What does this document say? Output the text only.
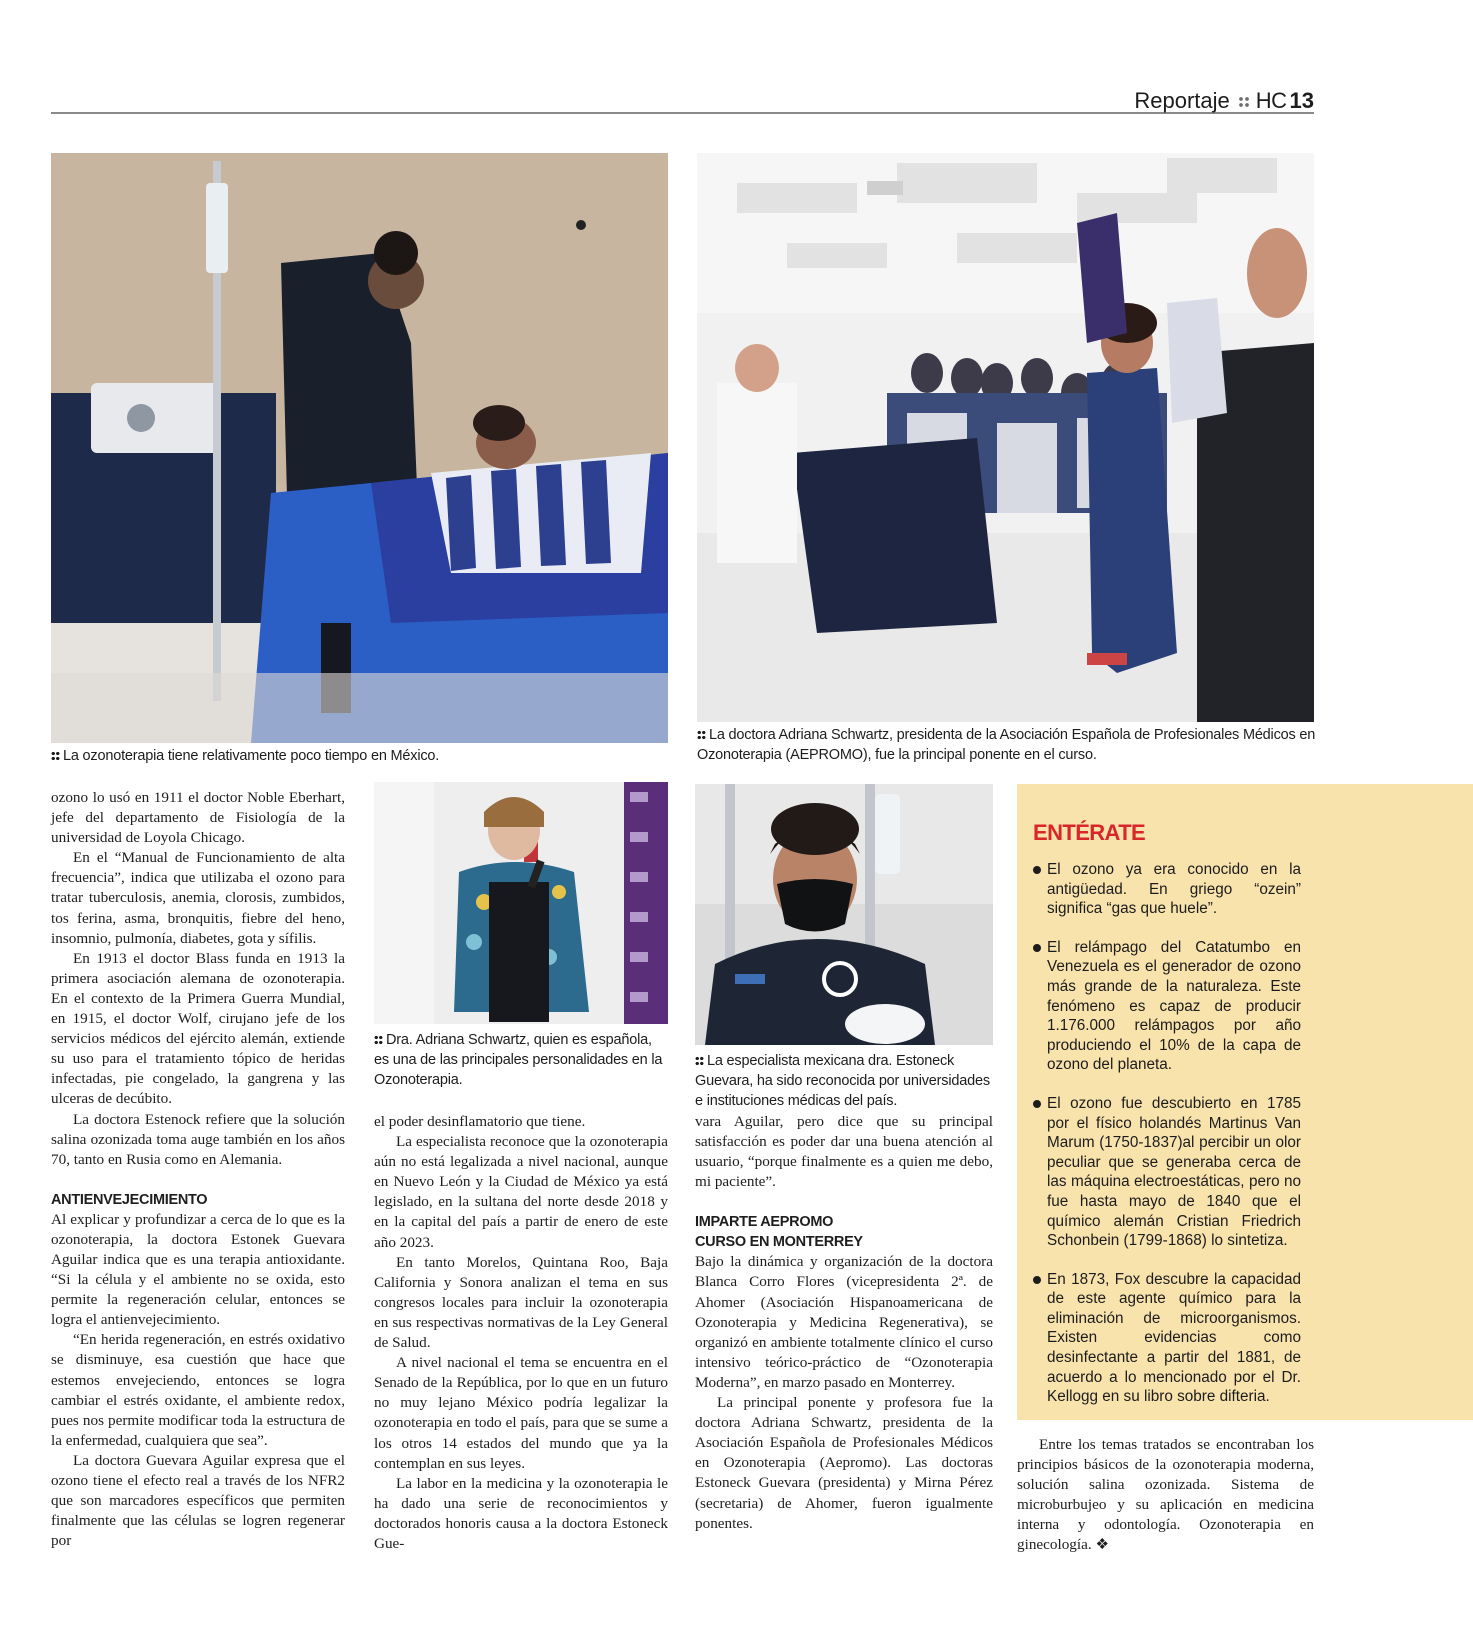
Reportaje HC 13
La ozonoterapia tiene relativamente poco tiempo en México.
La doctora Adriana Schwartz, presidenta de la Asociación Española de Profesionales Médicos en Ozonoterapia (AEPROMO), fue la principal ponente en el curso.
Dra. Adriana Schwartz, quien es española, es una de las principales personalidades en la Ozonoterapia.
La especialista mexicana dra. Estoneck Guevara, ha sido reconocida por universidades e instituciones médicas del país.

ozono lo usó en 1911 el doctor Noble Eberhart, jefe del departamento de Fisiología de la universidad de Loyola Chicago.

En el “Manual de Funcionamiento de alta frecuencia”, indica que utilizaba el ozono para tratar tuberculosis, anemia, clorosis, zumbidos, tos ferina, asma, bronquitis, fiebre del heno, insomnio, pulmonía, diabetes, gota y sífilis.

En 1913 el doctor Blass funda en 1913 la primera asociación alemana de ozonoterapia. En el contexto de la Primera Guerra Mundial, en 1915, el doctor Wolf, cirujano jefe de los servicios médicos del ejército alemán, extiende su uso para el tratamiento tópico de heridas infectadas, pie congelado, la gangrena y las ulceras de decúbito.

La doctora Estenock refiere que la solución salina ozonizada toma auge también en los años 70, tanto en Rusia como en Alemania.

ANTIENVEJECIMIENTO

Al explicar y profundizar a cerca de lo que es la ozonoterapia, la doctora Estonek Guevara Aguilar indica que es una terapia antioxidante. “Si la célula y el ambiente no se oxida, esto permite la regeneración celular, entonces se logra el antienvejecimiento.

“En herida regeneración, en estrés oxidativo se disminuye, esa cuestión que hace que estemos envejeciendo, entonces se logra cambiar el estrés oxidante, el ambiente redox, pues nos permite modificar toda la estructura de la enfermedad, cualquiera que sea”.

La doctora Guevara Aguilar expresa que el ozono tiene el efecto real a través de los NFR2 que son marcadores específicos que permiten finalmente que las células se logren regenerar por

el poder desinflamatorio que tiene.

La especialista reconoce que la ozonoterapia aún no está legalizada a nivel nacional, aunque en Nuevo León y la Ciudad de México ya está legislado, en la sultana del norte desde 2018 y en la capital del país a partir de enero de este año 2023.

En tanto Morelos, Quintana Roo, Baja California y Sonora analizan el tema en sus congresos locales para incluir la ozonoterapia en sus respectivas normativas de la Ley General de Salud.

A nivel nacional el tema se encuentra en el Senado de la República, por lo que en un futuro no muy lejano México podría legalizar la ozonoterapia en todo el país, para que se sume a los otros 14 estados del mundo que ya la contemplan en sus leyes.

La labor en la medicina y la ozonoterapia le ha dado una serie de reconocimientos y doctorados honoris causa a la doctora Estoneck Gue-

vara Aguilar, pero dice que su principal satisfacción es poder dar una buena atención al usuario, “porque finalmente es a quien me debo, mi paciente”.

IMPARTE AEPROMO
CURSO EN MONTERREY

Bajo la dinámica y organización de la doctora Blanca Corro Flores (vicepresidenta 2ª. de Ahomer (Asociación Hispanoamericana de Ozonoterapia y Medicina Regenerativa), se organizó en ambiente totalmente clínico el curso intensivo teórico-práctico de “Ozonoterapia Moderna”, en marzo pasado en Monterrey.

La principal ponente y profesora fue la doctora Adriana Schwartz, presidenta de la Asociación Española de Profesionales Médicos en Ozonoterapia (Aepromo). Las doctoras Estoneck Guevara (presidenta) y Mirna Pérez (secretaria) de Ahomer, fueron igualmente ponentes.

ENTÉRATE
El ozono ya era conocido en la antigüedad. En griego “ozein” significa “gas que huele”.
El relámpago del Catatumbo en Venezuela es el generador de ozono más grande de la naturaleza. Este fenómeno es capaz de producir 1.176.000 relámpagos por año produciendo el 10% de la capa de ozono del planeta.
El ozono fue descubierto en 1785 por el físico holandés Martinus Van Marum (1750-1837)al percibir un olor peculiar que se generaba cerca de las máquina electroestáticas, pero no fue hasta mayo de 1840 que el químico alemán Cristian Friedrich Schonbein (1799-1868) lo sintetiza.
En 1873, Fox descubre la capacidad de este agente químico para la eliminación de microorganismos. Existen evidencias como desinfectante a partir del 1881, de acuerdo a lo mencionado por el Dr. Kellogg en su libro sobre difteria.

Entre los temas tratados se encontraban los principios básicos de la ozonoterapia moderna, solución salina ozonizada. Sistema de microburbujeo y su aplicación en medicina interna y odontología. Ozonoterapia en ginecología. ❖
